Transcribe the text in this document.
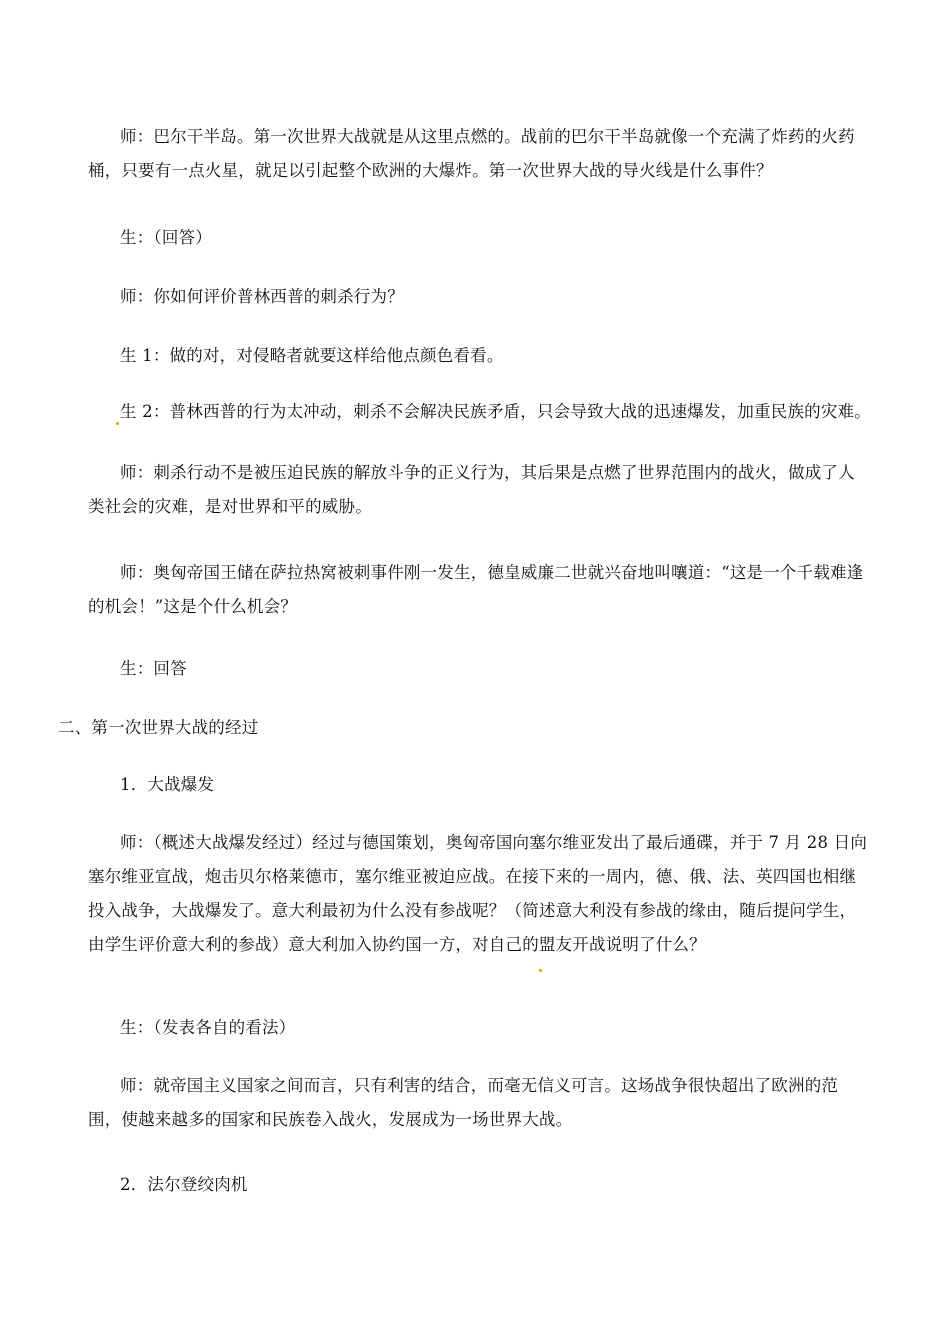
师：巴尔干半岛。第一次世界大战就是从这里点燃的。战前的巴尔干半岛就像一个充满了炸药的火药桶，只要有一点火星，就足以引起整个欧洲的大爆炸。第一次世界大战的导火线是什么事件？

生：（回答）

师：你如何评价普林西普的刺杀行为？

生 1：做的对，对侵略者就要这样给他点颜色看看。

生 2：普林西普的行为太冲动，刺杀不会解决民族矛盾，只会导致大战的迅速爆发，加重民族的灾难。

师：刺杀行动不是被压迫民族的解放斗争的正义行为，其后果是点燃了世界范围内的战火，做成了人类社会的灾难，是对世界和平的威胁。

师：奥匈帝国王储在萨拉热窝被刺事件刚一发生，德皇威廉二世就兴奋地叫嚷道：“这是一个千载难逢的机会！”这是个什么机会？

生：回答

二、第一次世界大战的经过

1．大战爆发

师：（概述大战爆发经过）经过与德国策划，奥匈帝国向塞尔维亚发出了最后通碟，并于 7 月 28 日向塞尔维亚宣战，炮击贝尔格莱德市，塞尔维亚被迫应战。在接下来的一周内，德、俄、法、英四国也相继投入战争，大战爆发了。意大利最初为什么没有参战呢？（简述意大利没有参战的缘由，随后提问学生，由学生评价意大利的参战）意大利加入协约国一方，对自己的盟友开战说明了什么？

生：（发表各自的看法）

师：就帝国主义国家之间而言，只有利害的结合，而毫无信义可言。这场战争很快超出了欧洲的范围，使越来越多的国家和民族卷入战火，发展成为一场世界大战。

2．法尔登绞肉机
